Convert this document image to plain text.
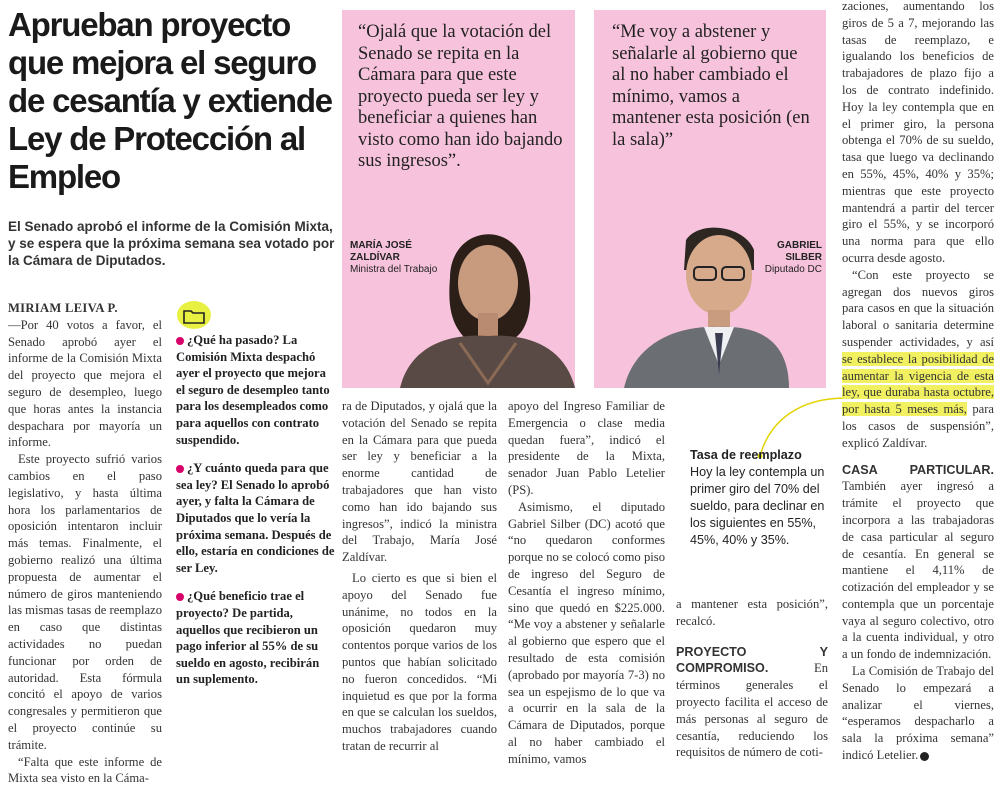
Aprueban proyecto que mejora el seguro de cesantía y extiende Ley de Protección al Empleo
El Senado aprobó el informe de la Comisión Mixta, y se espera que la próxima semana sea votado por la Cámara de Diputados.

MIRIAM LEIVA P.

—Por 40 votos a favor, el Senado aprobó ayer el informe de la Comisión Mixta del proyecto que mejora el seguro de desempleo, luego que horas antes la instancia despachara por mayoría un informe.

Este proyecto sufrió varios cambios en el paso legislativo, y hasta última hora los parlamentarios de oposición intentaron incluir más temas. Finalmente, el gobierno realizó una última propuesta de aumentar el número de giros manteniendo las mismas tasas de reemplazo en caso que distintas actividades no puedan funcionar por orden de autoridad. Esta fórmula concitó el apoyo de varios congresales y permitieron que el proyecto continúe su trámite.

“Falta que este informe de Mixta sea visto en la Cáma-

¿Qué ha pasado? La Comisión Mixta despachó ayer el proyecto que mejora el seguro de desempleo tanto para los desempleados como para aquellos con contrato suspendido.
¿Y cuánto queda para que sea ley? El Senado lo aprobó ayer, y falta la Cámara de Diputados que lo vería la próxima semana. Después de ello, estaría en condiciones de ser Ley.
¿Qué beneficio trae el proyecto? De partida, aquellos que recibieron un pago inferior al 55% de su sueldo en agosto, recibirán un suplemento.
“Ojalá que la votación del Senado se repita en la Cámara para que este proyecto pueda ser ley y beneficiar a quienes han visto como han ido bajando sus ingresos”.
MARÍA JOSÉ ZALDÍVAR
Ministra del Trabajo
“Me voy a abstener y señalarle al gobierno que al no haber cambiado el mínimo, vamos a mantener esta posición (en la sala)”
GABRIEL SILBER
Diputado DC

ra de Diputados, y ojalá que la votación del Senado se repita en la Cámara para que pueda ser ley y beneficiar a la enorme cantidad de trabajadores que han visto como han ido bajando sus ingresos”, indicó la ministra del Trabajo, María José Zaldívar.

Lo cierto es que si bien el apoyo del Senado fue unánime, no todos en la oposición quedaron muy contentos porque varios de los puntos que habían solicitado no fueron concedidos. “Mi inquietud es que por la forma en que se calculan los sueldos, muchos trabajadores cuando tratan de recurrir al

apoyo del Ingreso Familiar de Emergencia o clase media quedan fuera”, indicó el presidente de la Mixta, senador Juan Pablo Letelier (PS).

Asimismo, el diputado Gabriel Silber (DC) acotó que “no quedaron conformes porque no se colocó como piso de ingreso del Seguro de Cesantía el ingreso mínimo, sino que quedó en $225.000. “Me voy a abstener y señalarle al gobierno que espero que el resultado de esta comisión (aprobado por mayoría 7-3) no sea un espejismo de lo que va a ocurrir en la sala de la Cámara de Diputados, porque al no haber cambiado el mínimo, vamos

Tasa de reemplazo
Hoy la ley contempla un primer giro del 70% del sueldo, para declinar en los siguientes en 55%, 45%, 40% y 35%.

a mantener esta posición”, recalcó.

PROYECTO Y COMPROMISO.	En términos generales el proyecto facilita el acceso de más personas al seguro de cesantía, reduciendo los requisitos de número de coti-

zaciones, aumentando los giros de 5 a 7, mejorando las tasas de reemplazo, e igualando los beneficios de trabajadores de plazo fijo a los de contrato indefinido. Hoy la ley contempla que en el primer giro, la persona obtenga el 70% de su sueldo, tasa que luego va declinando en 55%, 45%, 40% y 35%; mientras que este proyecto mantendrá a partir del tercer giro el 55%, y se incorporó una norma para que ello ocurra desde agosto.

“Con este proyecto se agregan dos nuevos giros para casos en que la situación laboral o sanitaria determine suspender actividades, y así se establece la posibilidad de aumentar la vigencia de esta ley, que duraba hasta octubre, por hasta 5 meses más, para los casos de suspensión”, explicó Zaldívar.

CASA PARTICULAR. También ayer ingresó a trámite el proyecto que incorpora a las trabajadoras de casa particular al seguro de cesantía. En general se mantiene el 4,11% de cotización del empleador y se contempla que un porcentaje vaya al seguro colectivo, otro a la cuenta individual, y otro a un fondo de indemnización.

La Comisión de Trabajo del Senado lo empezará a analizar el viernes, “esperamos despacharlo a sala la próxima semana” indicó Letelier.
